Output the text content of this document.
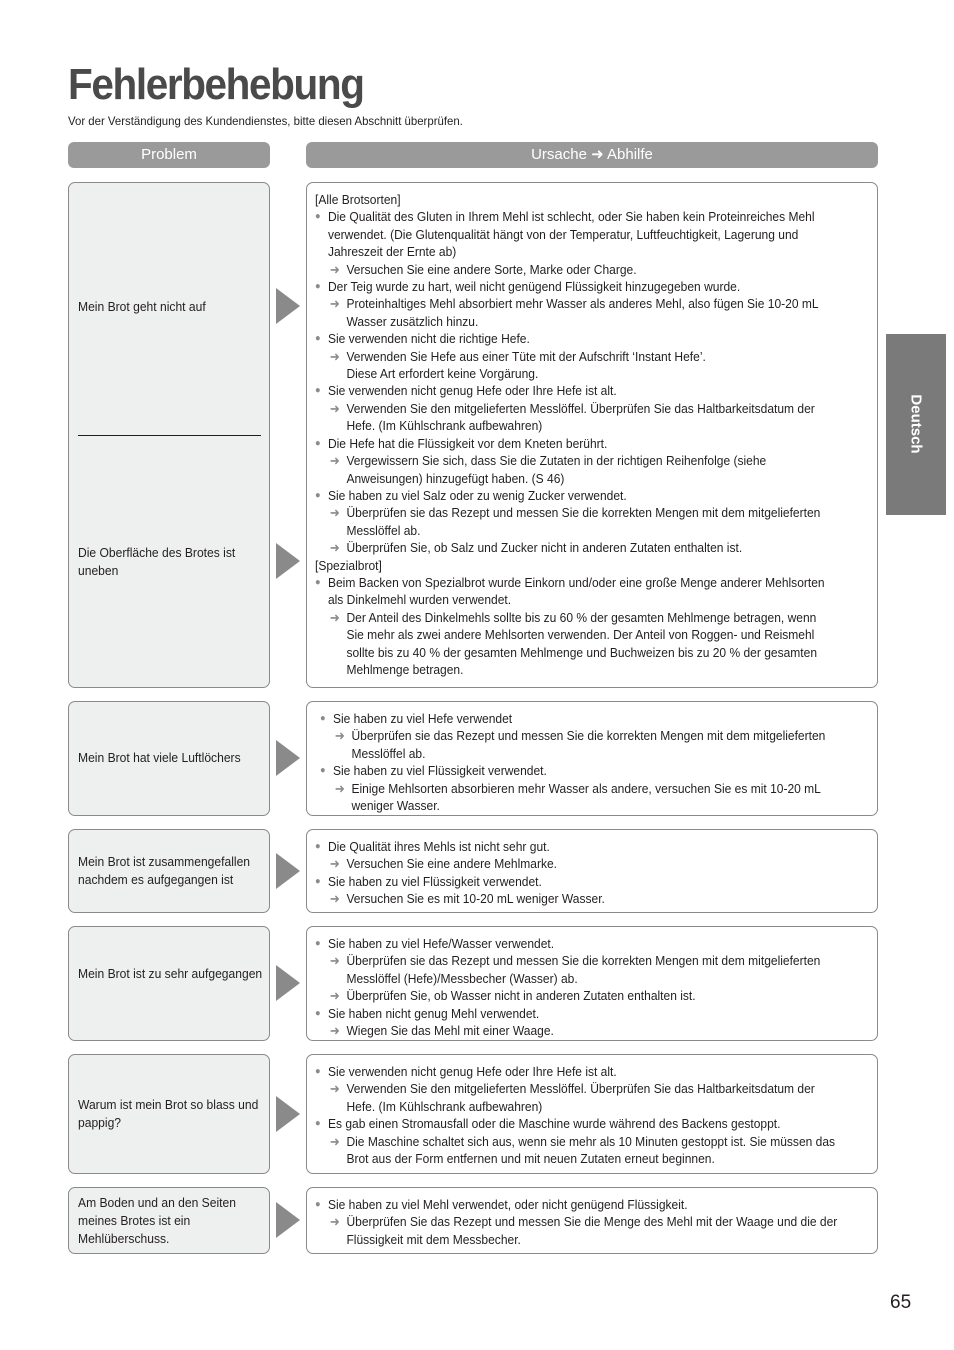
Fehlerbehebung
Vor der Verständigung des Kundendienstes, bitte diesen Abschnitt überprüfen.
Problem	Ursache ➜ Abhilfe
Mein Brot geht nicht auf
Die Oberfläche des Brotes ist uneben
[Alle Brotsorten]
● Die Qualität des Gluten in Ihrem Mehl ist schlecht, oder Sie haben kein Proteinreiches Mehl
verwendet. (Die Glutenqualität hängt von der Temperatur, Luftfeuchtigkeit, Lagerung und
Jahreszeit der Ernte ab)
➜ Versuchen Sie eine andere Sorte, Marke oder Charge.
● Der Teig wurde zu hart, weil nicht genügend Flüssigkeit hinzugegeben wurde.
➜ Proteinhaltiges Mehl absorbiert mehr Wasser als anderes Mehl, also fügen Sie 10-20 mL
Wasser zusätzlich hinzu.
● Sie verwenden nicht die richtige Hefe.
➜ Verwenden Sie Hefe aus einer Tüte mit der Aufschrift ‘Instant Hefe’.
Diese Art erfordert keine Vorgärung.
● Sie verwenden nicht genug Hefe oder Ihre Hefe ist alt.
➜ Verwenden Sie den mitgelieferten Messlöffel. Überprüfen Sie das Haltbarkeitsdatum der
Hefe. (Im Kühlschrank aufbewahren)
● Die Hefe hat die Flüssigkeit vor dem Kneten berührt.
➜ Vergewissern Sie sich, dass Sie die Zutaten in der richtigen Reihenfolge (siehe
Anweisungen) hinzugefügt haben. (S 46)
● Sie haben zu viel Salz oder zu wenig Zucker verwendet.
➜ Überprüfen sie das Rezept und messen Sie die korrekten Mengen mit dem mitgelieferten
Messlöffel ab.
➜ Überprüfen Sie, ob Salz und Zucker nicht in anderen Zutaten enthalten ist.
[Spezialbrot]
● Beim Backen von Spezialbrot wurde Einkorn und/oder eine große Menge anderer Mehlsorten
als Dinkelmehl wurden verwendet.
➜ Der Anteil des Dinkelmehls sollte bis zu 60 % der gesamten Mehlmenge betragen, wenn
Sie mehr als zwei andere Mehlsorten verwenden. Der Anteil von Roggen- und Reismehl
sollte bis zu 40 % der gesamten Mehlmenge und Buchweizen bis zu 20 % der gesamten
Mehlmenge betragen.
Mein Brot hat viele Luftlöchers
● Sie haben zu viel Hefe verwendet
➜ Überprüfen sie das Rezept und messen Sie die korrekten Mengen mit dem mitgelieferten
Messlöffel ab.
● Sie haben zu viel Flüssigkeit verwendet.
➜ Einige Mehlsorten absorbieren mehr Wasser als andere, versuchen Sie es mit 10-20 mL
weniger Wasser.
Mein Brot ist zusammengefallen nachdem es aufgegangen ist
● Die Qualität ihres Mehls ist nicht sehr gut.
➜ Versuchen Sie eine andere Mehlmarke.
● Sie haben zu viel Flüssigkeit verwendet.
➜ Versuchen Sie es mit 10-20 mL weniger Wasser.
Mein Brot ist zu sehr aufgegangen
● Sie haben zu viel Hefe/Wasser verwendet.
➜ Überprüfen sie das Rezept und messen Sie die korrekten Mengen mit dem mitgelieferten
Messlöffel (Hefe)/Messbecher (Wasser) ab.
➜ Überprüfen Sie, ob Wasser nicht in anderen Zutaten enthalten ist.
● Sie haben nicht genug Mehl verwendet.
➜ Wiegen Sie das Mehl mit einer Waage.
Warum ist mein Brot so blass und pappig?
● Sie verwenden nicht genug Hefe oder Ihre Hefe ist alt.
➜ Verwenden Sie den mitgelieferten Messlöffel. Überprüfen Sie das Haltbarkeitsdatum der
Hefe. (Im Kühlschrank aufbewahren)
● Es gab einen Stromausfall oder die Maschine wurde während des Backens gestoppt.
➜ Die Maschine schaltet sich aus, wenn sie mehr als 10 Minuten gestoppt ist. Sie müssen das
Brot aus der Form entfernen und mit neuen Zutaten erneut beginnen.
Am Boden und an den Seiten meines Brotes ist ein Mehlüberschuss.
● Sie haben zu viel Mehl verwendet, oder nicht genügend Flüssigkeit.
➜ Überprüfen Sie das Rezept und messen Sie die Menge des Mehl mit der Waage und die der
Flüssigkeit mit dem Messbecher.
Deutsch
65
